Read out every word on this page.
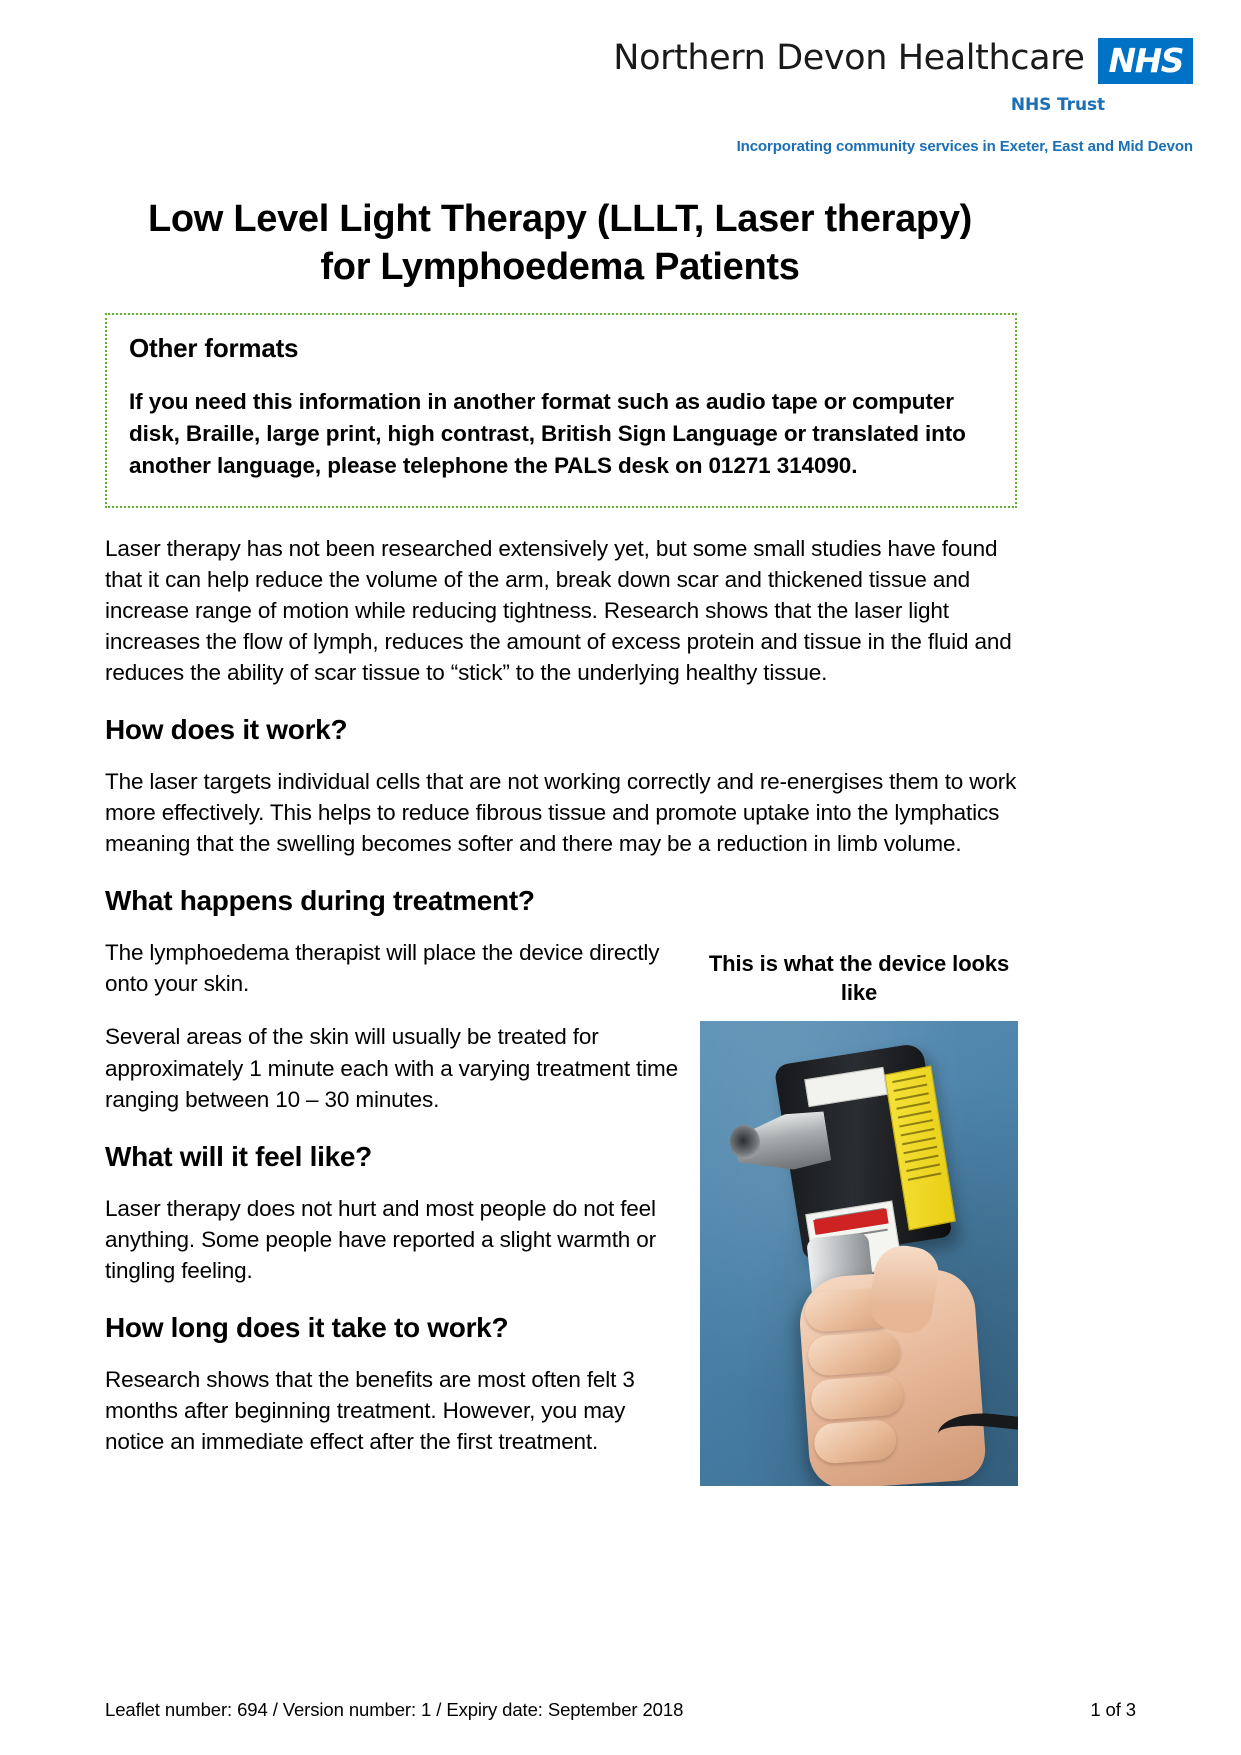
Northern Devon Healthcare NHS
NHS Trust
Incorporating community services in Exeter, East and Mid Devon
Low Level Light Therapy (LLLT, Laser therapy)
for Lymphoedema Patients
Other formats
If you need this information in another format such as audio tape or computer disk, Braille, large print, high contrast, British Sign Language or translated into another language, please telephone the PALS desk on 01271 314090.

Laser therapy has not been researched extensively yet, but some small studies have found that it can help reduce the volume of the arm, break down scar and thickened tissue and increase range of motion while reducing tightness. Research shows that the laser light increases the flow of lymph, reduces the amount of excess protein and tissue in the fluid and reduces the ability of scar tissue to “stick” to the underlying healthy tissue.

How does it work?

The laser targets individual cells that are not working correctly and re-energises them to work more effectively. This helps to reduce fibrous tissue and promote uptake into the lymphatics meaning that the swelling becomes softer and there may be a reduction in limb volume.

What happens during treatment?

The lymphoedema therapist will place the device directly onto your skin.

Several areas of the skin will usually be treated for approximately 1 minute each with a varying treatment time ranging between 10 – 30 minutes.

What will it feel like?

Laser therapy does not hurt and most people do not feel anything. Some people have reported a slight warmth or tingling feeling.

How long does it take to work?

Research shows that the benefits are most often felt 3 months after beginning treatment. However, you may notice an immediate effect after the first treatment.

This is what the device looks like
Leaflet number: 694 / Version number: 1 / Expiry date: September 2018	1 of 3
